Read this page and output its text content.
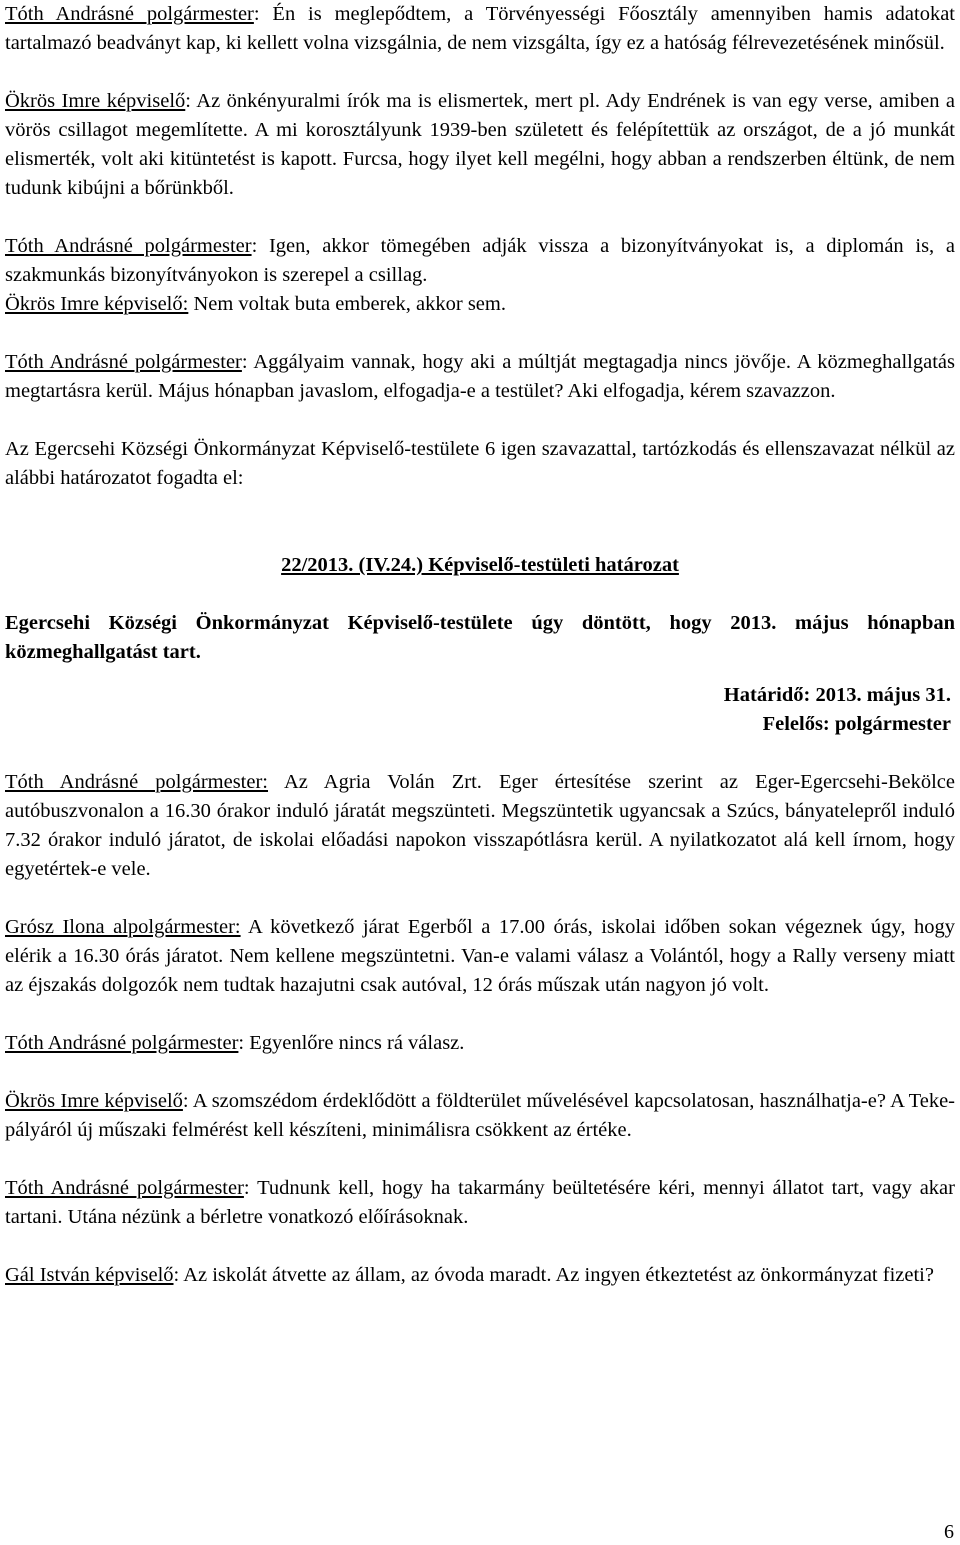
Tóth Andrásné polgármester: Én is meglepődtem, a Törvényességi Főosztály amennyiben hamis adatokat tartalmazó beadványt kap, ki kellett volna vizsgálnia, de nem vizsgálta, így ez a hatóság félrevezetésének minősül.

Ökrös Imre képviselő: Az önkényuralmi írók ma is elismertek, mert pl. Ady Endrének is van egy verse, amiben a vörös csillagot megemlítette. A mi korosztályunk 1939-ben született és felépítettük az országot, de a jó munkát elismerték, volt aki kitüntetést is kapott. Furcsa, hogy ilyet kell megélni, hogy abban a rendszerben éltünk, de nem tudunk kibújni a bőrünkből.

Tóth Andrásné polgármester: Igen, akkor tömegében adják vissza a bizonyítványokat is, a diplomán is, a szakmunkás bizonyítványokon is szerepel a csillag.

Ökrös Imre képviselő: Nem voltak buta emberek, akkor sem.

Tóth Andrásné polgármester: Aggályaim vannak, hogy aki a múltját megtagadja nincs jövője. A közmeghallgatás megtartásra kerül. Május hónapban javaslom, elfogadja-e a testület? Aki elfogadja, kérem szavazzon.

Az Egercsehi Községi Önkormányzat Képviselő-testülete 6 igen szavazattal, tartózkodás és ellenszavazat nélkül az alábbi határozatot fogadta el:

22/2013. (IV.24.) Képviselő-testületi határozat

Egercsehi Községi Önkormányzat Képviselő-testülete úgy döntött, hogy 2013. május hónapban közmeghallgatást tart.

Határidő: 2013. május 31.
Felelős: polgármester

Tóth Andrásné polgármester: Az Agria Volán Zrt. Eger értesítése szerint az Eger-Egercsehi-Bekölce autóbuszvonalon a 16.30 órakor induló járatát megszünteti. Megszüntetik ugyancsak a Szúcs, bányatelepről induló 7.32 órakor induló járatot, de iskolai előadási napokon visszapótlásra kerül. A nyilatkozatot alá kell írnom, hogy egyetértek-e vele.

Grósz Ilona alpolgármester: A következő járat Egerből a 17.00 órás, iskolai időben sokan végeznek úgy, hogy elérik a 16.30 órás járatot. Nem kellene megszüntetni. Van-e valami válasz a Volántól, hogy a Rally verseny miatt az éjszakás dolgozók nem tudtak hazajutni csak autóval, 12 órás műszak után nagyon jó volt.

Tóth Andrásné polgármester: Egyenlőre nincs rá válasz.

Ökrös Imre képviselő: A szomszédom érdeklődött a földterület művelésével kapcsolatosan, használhatja-e? A Teke-pályáról új műszaki felmérést kell készíteni, minimálisra csökkent az értéke.

Tóth Andrásné polgármester: Tudnunk kell, hogy ha takarmány beültetésére kéri, mennyi állatot tart, vagy akar tartani. Utána nézünk a bérletre vonatkozó előírásoknak.

Gál István képviselő: Az iskolát átvette az állam, az óvoda maradt. Az ingyen étkeztetést az önkormányzat fizeti?

6
